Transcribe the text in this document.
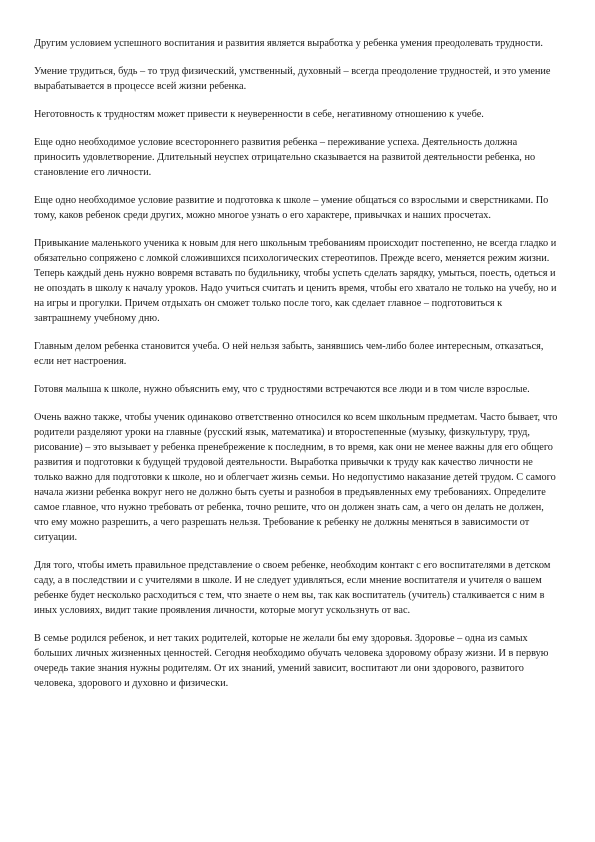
Другим условием успешного воспитания и развития является выработка у ребенка умения преодолевать трудности.

Умение трудиться, будь – то труд физический, умственный, духовный – всегда преодоление трудностей, и это умение вырабатывается в процессе всей жизни ребенка.

Неготовность к трудностям может привести к неуверенности в себе, негативному отношению к учебе.

Еще одно необходимое условие всестороннего развития ребенка – переживание успеха. Деятельность должна приносить удовлетворение. Длительный неуспех отрицательно сказывается на развитой деятельности ребенка, но становление его личности.

Еще одно необходимое условие развитие и подготовка к школе – умение общаться со взрослыми и сверстниками. По тому, каков ребенок среди других, можно многое узнать о его характере, привычках и наших просчетах.

Привыкание маленького ученика к новым для него школьным требованиям происходит постепенно, не всегда гладко и обязательно сопряжено с ломкой сложившихся психологических стереотипов. Прежде всего, меняется режим жизни. Теперь каждый день нужно вовремя вставать по будильнику, чтобы успеть сделать зарядку, умыться, поесть, одеться и не опоздать в школу к началу уроков. Надо учиться считать и ценить время, чтобы его хватало не только на учебу, но и на игры и прогулки. Причем отдыхать он сможет только после того, как сделает главное – подготовиться к завтрашнему учебному дню.

Главным делом ребенка становится учеба. О ней нельзя забыть, занявшись чем-либо более интересным, отказаться, если нет настроения.

Готовя малыша к школе, нужно объяснить ему, что с трудностями встречаются все люди и в том числе взрослые.

Очень важно также, чтобы ученик одинаково ответственно относился ко всем школьным предметам. Часто бывает, что родители разделяют уроки на главные (русский язык, математика) и второстепенные (музыку, физкультуру, труд, рисование) – это вызывает у ребенка пренебрежение к последним, в то время, как они не менее важны для его общего развития и подготовки к будущей трудовой деятельности. Выработка привычки к труду как качество личности не только важно для подготовки к школе, но и облегчает жизнь семьи. Но недопустимо наказание детей трудом. С самого начала жизни ребенка вокруг него не должно быть суеты и разнобоя в предъявленных ему требованиях. Определите самое главное, что нужно требовать от ребенка, точно решите, что он должен знать сам, а чего он делать не должен, что ему можно разрешить, а чего разрешать нельзя. Требование к ребенку не должны меняться в зависимости от ситуации.

Для того, чтобы иметь правильное представление о своем ребенке, необходим контакт с его воспитателями в детском саду, а в последствии и с учителями в школе. И не следует удивляться, если мнение воспитателя и учителя о вашем ребенке будет несколько расходиться с тем, что знаете о нем вы, так как воспитатель (учитель) сталкивается с ним в иных условиях, видит такие проявления личности, которые могут ускользнуть от вас.

В семье родился ребенок, и нет таких родителей, которые не желали бы ему здоровья. Здоровье – одна из самых больших личных жизненных ценностей. Сегодня необходимо обучать человека здоровому образу жизни. И в первую очередь такие знания нужны родителям. От их знаний, умений зависит, воспитают ли они здорового, развитого человека, здорового и духовно и физически.
